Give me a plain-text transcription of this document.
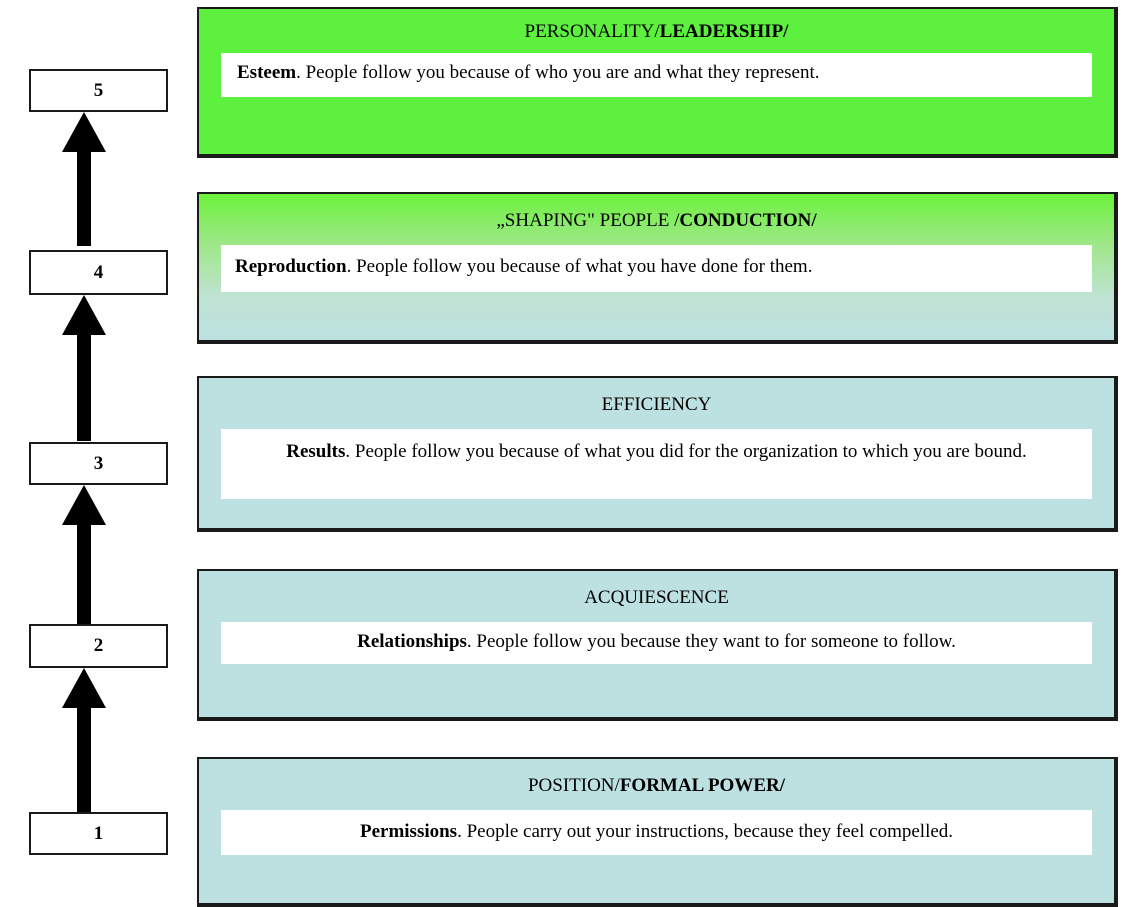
5
4
3
2
1
PERSONALITY/LEADERSHIP/
Esteem. People follow you because of who you are and what they represent.
„SHAPING" PEOPLE /CONDUCTION/
Reproduction. People follow you because of what you have done for them.
EFFICIENCY
Results. People follow you because of what you did for the organization to which you are bound.
ACQUIESCENCE
Relationships. People follow you because they want to for someone to follow.
POSITION/FORMAL POWER/
Permissions. People carry out your instructions, because they feel compelled.
